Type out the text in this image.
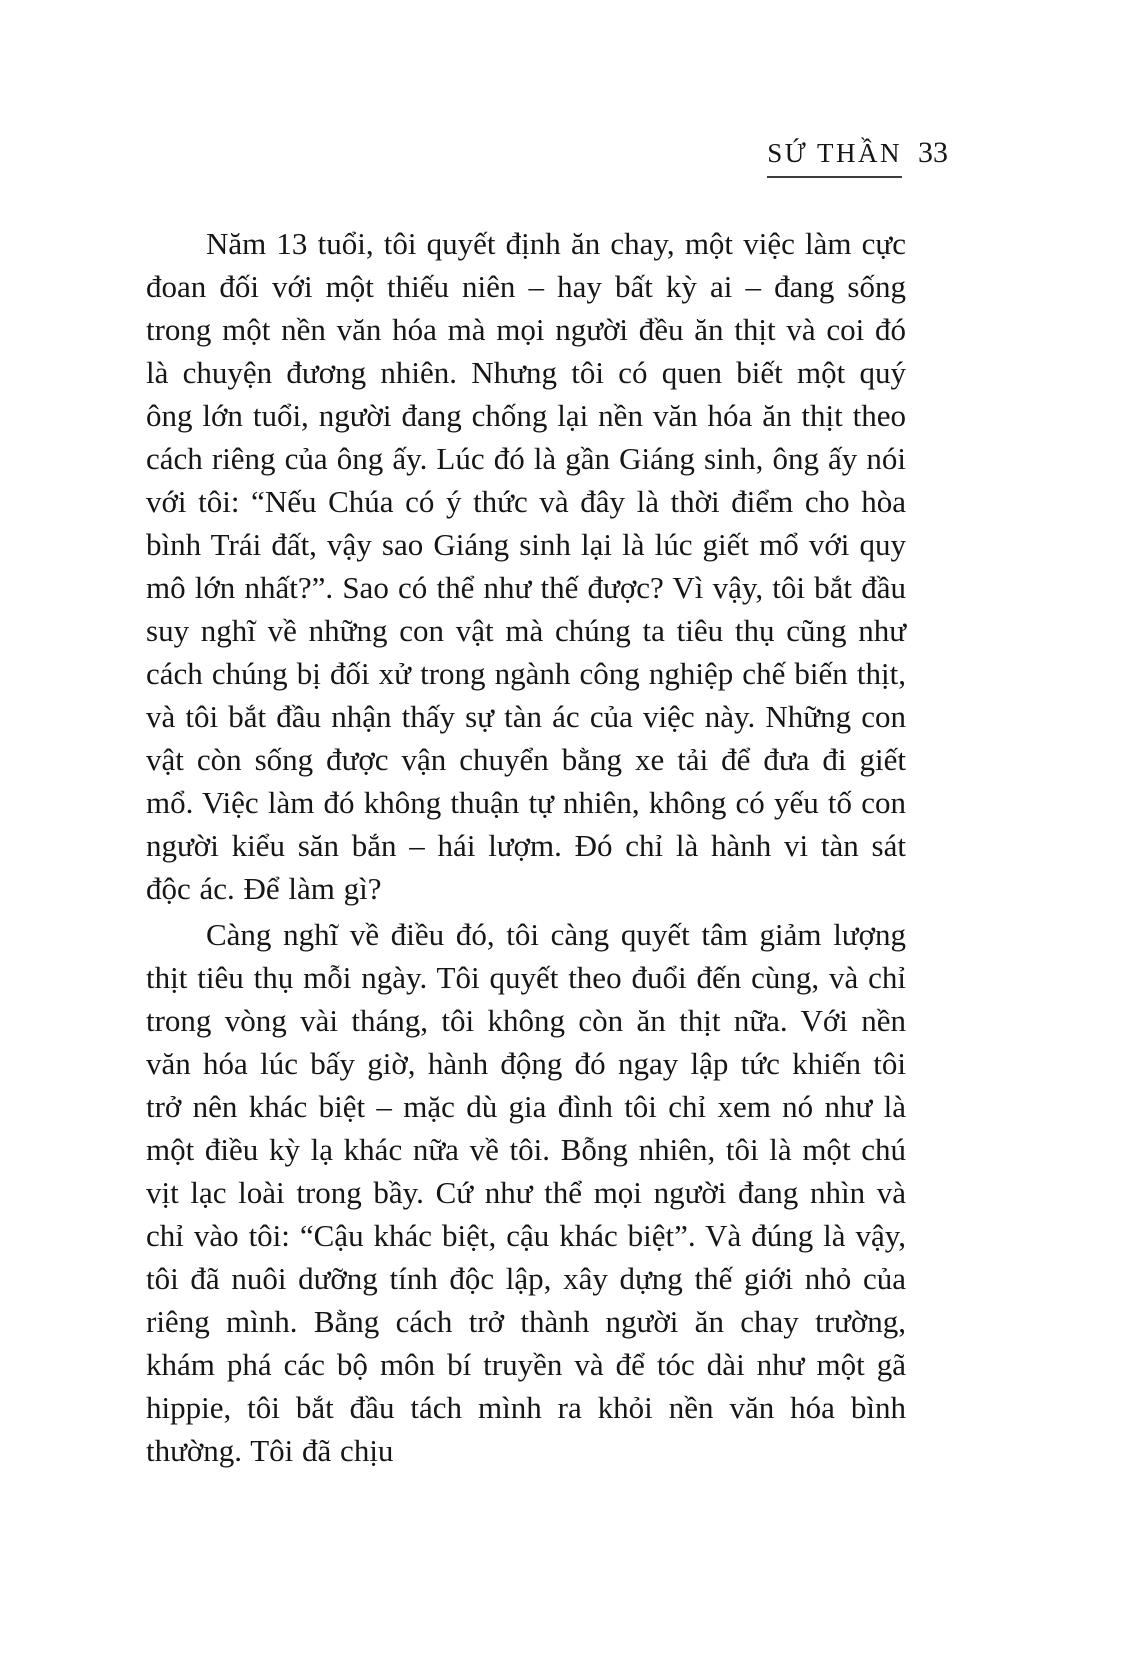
SỨ THẦN 33

Năm 13 tuổi, tôi quyết định ăn chay, một việc làm cực đoan đối với một thiếu niên – hay bất kỳ ai – đang sống trong một nền văn hóa mà mọi người đều ăn thịt và coi đó là chuyện đương nhiên. Nhưng tôi có quen biết một quý ông lớn tuổi, người đang chống lại nền văn hóa ăn thịt theo cách riêng của ông ấy. Lúc đó là gần Giáng sinh, ông ấy nói với tôi: “Nếu Chúa có ý thức và đây là thời điểm cho hòa bình Trái đất, vậy sao Giáng sinh lại là lúc giết mổ với quy mô lớn nhất?”. Sao có thể như thế được? Vì vậy, tôi bắt đầu suy nghĩ về những con vật mà chúng ta tiêu thụ cũng như cách chúng bị đối xử trong ngành công nghiệp chế biến thịt, và tôi bắt đầu nhận thấy sự tàn ác của việc này. Những con vật còn sống được vận chuyển bằng xe tải để đưa đi giết mổ. Việc làm đó không thuận tự nhiên, không có yếu tố con người kiểu săn bắn – hái lượm. Đó chỉ là hành vi tàn sát độc ác. Để làm gì?

Càng nghĩ về điều đó, tôi càng quyết tâm giảm lượng thịt tiêu thụ mỗi ngày. Tôi quyết theo đuổi đến cùng, và chỉ trong vòng vài tháng, tôi không còn ăn thịt nữa. Với nền văn hóa lúc bấy giờ, hành động đó ngay lập tức khiến tôi trở nên khác biệt – mặc dù gia đình tôi chỉ xem nó như là một điều kỳ lạ khác nữa về tôi. Bỗng nhiên, tôi là một chú vịt lạc loài trong bầy. Cứ như thể mọi người đang nhìn và chỉ vào tôi: “Cậu khác biệt, cậu khác biệt”. Và đúng là vậy, tôi đã nuôi dưỡng tính độc lập, xây dựng thế giới nhỏ của riêng mình. Bằng cách trở thành người ăn chay trường, khám phá các bộ môn bí truyền và để tóc dài như một gã hippie, tôi bắt đầu tách mình ra khỏi nền văn hóa bình thường. Tôi đã chịu
